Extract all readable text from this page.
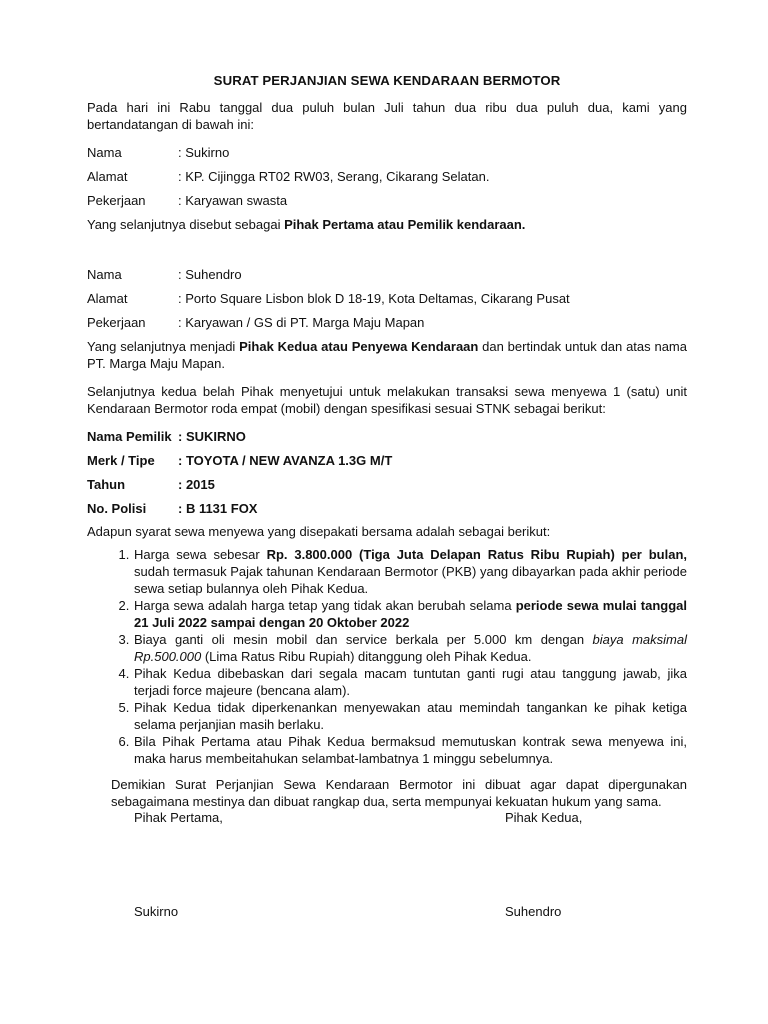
SURAT PERJANJIAN SEWA KENDARAAN BERMOTOR

Pada hari ini Rabu tanggal dua puluh bulan Juli tahun dua ribu dua puluh dua, kami yang bertandatangan di bawah ini:

Nama	: Sukirno
Alamat	: KP. Cijingga RT02 RW03, Serang, Cikarang Selatan.
Pekerjaan	: Karyawan swasta

Yang selanjutnya disebut sebagai Pihak Pertama atau Pemilik kendaraan.

Nama	: Suhendro
Alamat	: Porto Square Lisbon blok D 18-19, Kota Deltamas, Cikarang Pusat
Pekerjaan	: Karyawan / GS di PT. Marga Maju Mapan

Yang selanjutnya menjadi Pihak Kedua atau Penyewa Kendaraan dan bertindak untuk dan atas nama PT. Marga Maju Mapan.

Selanjutnya kedua belah Pihak menyetujui untuk melakukan transaksi sewa menyewa 1 (satu) unit Kendaraan Bermotor roda empat (mobil) dengan spesifikasi sesuai STNK sebagai berikut:

Nama Pemilik : SUKIRNO
Merk / Tipe	: TOYOTA / NEW AVANZA 1.3G M/T
Tahun	: 2015
No. Polisi	: B 1131 FOX

Adapun syarat sewa menyewa yang disepakati bersama adalah sebagai berikut:

1. Harga sewa sebesar Rp. 3.800.000 (Tiga Juta Delapan Ratus Ribu Rupiah) per bulan, sudah termasuk Pajak tahunan Kendaraan Bermotor (PKB) yang dibayarkan pada akhir periode sewa setiap bulannya oleh Pihak Kedua.
2. Harga sewa adalah harga tetap yang tidak akan berubah selama periode sewa mulai tanggal 21 Juli 2022 sampai dengan 20 Oktober 2022
3. Biaya ganti oli mesin mobil dan service berkala per 5.000 km dengan biaya maksimal Rp.500.000 (Lima Ratus Ribu Rupiah) ditanggung oleh Pihak Kedua.
4. Pihak Kedua dibebaskan dari segala macam tuntutan ganti rugi atau tanggung jawab, jika terjadi force majeure (bencana alam).
5. Pihak Kedua tidak diperkenankan menyewakan atau memindah tangankan ke pihak ketiga selama perjanjian masih berlaku.
6. Bila Pihak Pertama atau Pihak Kedua bermaksud memutuskan kontrak sewa menyewa ini, maka harus membeitahukan selambat-lambatnya 1 minggu sebelumnya.

Demikian Surat Perjanjian Sewa Kendaraan Bermotor ini dibuat agar dapat dipergunakan sebagaimana mestinya dan dibuat rangkap dua, serta mempunyai kekuatan hukum yang sama.

Pihak Pertama,	Pihak Kedua,
Sukirno	Suhendro
